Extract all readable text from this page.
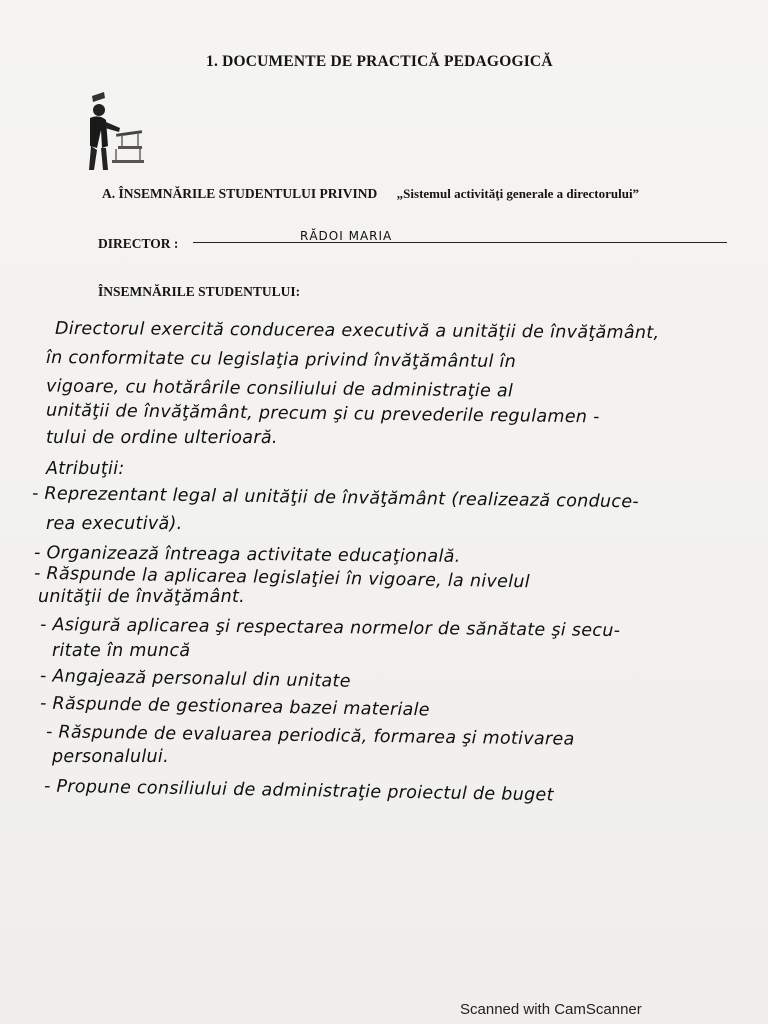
1. DOCUMENTE DE PRACTICĂ PEDAGOGICĂ
A. ÎNSEMNĂRILE STUDENTULUI PRIVIND „Sistemul activităţi generale a directorului”
DIRECTOR :	RĂDOI MARIA
ÎNSEMNĂRILE STUDENTULUI:
Directorul exercită conducerea executivă a unităţii de învăţământ,
în conformitate cu legislaţia privind învăţământul în
vigoare, cu hotărârile consiliului de administraţie al
unităţii de învăţământ, precum şi cu prevederile regulamen -
tului de ordine ulterioară.
Atribuţii:
- Reprezentant legal al unităţii de învăţământ (realizează conduce-
rea executivă).
- Organizează întreaga activitate educaţională.
- Răspunde la aplicarea legislaţiei în vigoare, la nivelul
unităţii de învăţământ.
- Asigură aplicarea şi respectarea normelor de sănătate şi secu-
ritate în muncă
- Angajează personalul din unitate
- Răspunde de gestionarea bazei materiale
- Răspunde de evaluarea periodică, formarea şi motivarea
personalului.
- Propune consiliului de administraţie proiectul de buget
Scanned with CamScanner
